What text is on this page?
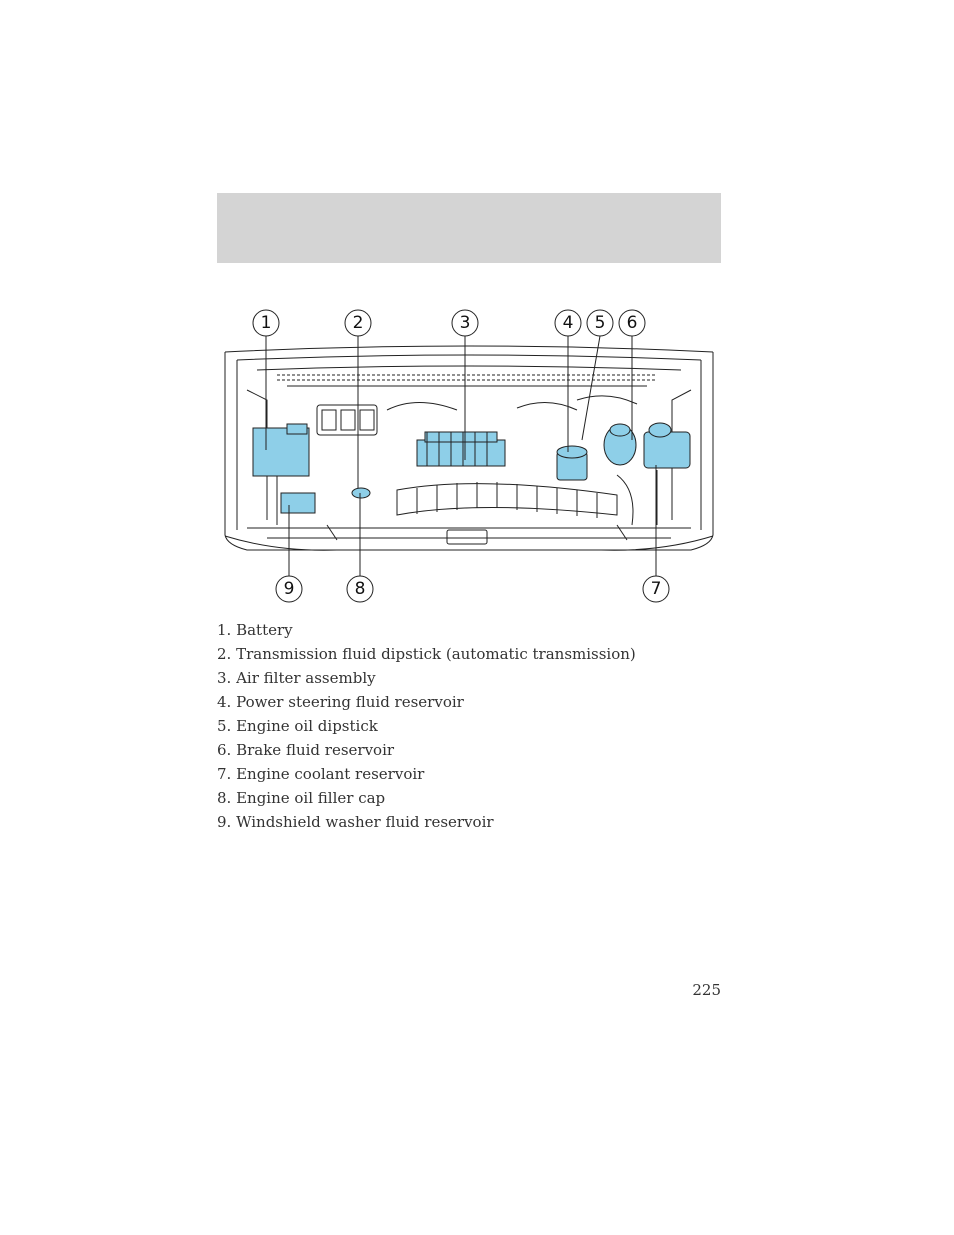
1	2	3	4 5 6
9	8	7
1. Battery
2. Transmission fluid dipstick (automatic transmission)
3. Air filter assembly
4. Power steering fluid reservoir
5. Engine oil dipstick
6. Brake fluid reservoir
7. Engine coolant reservoir
8. Engine oil filler cap
9. Windshield washer fluid reservoir
225
